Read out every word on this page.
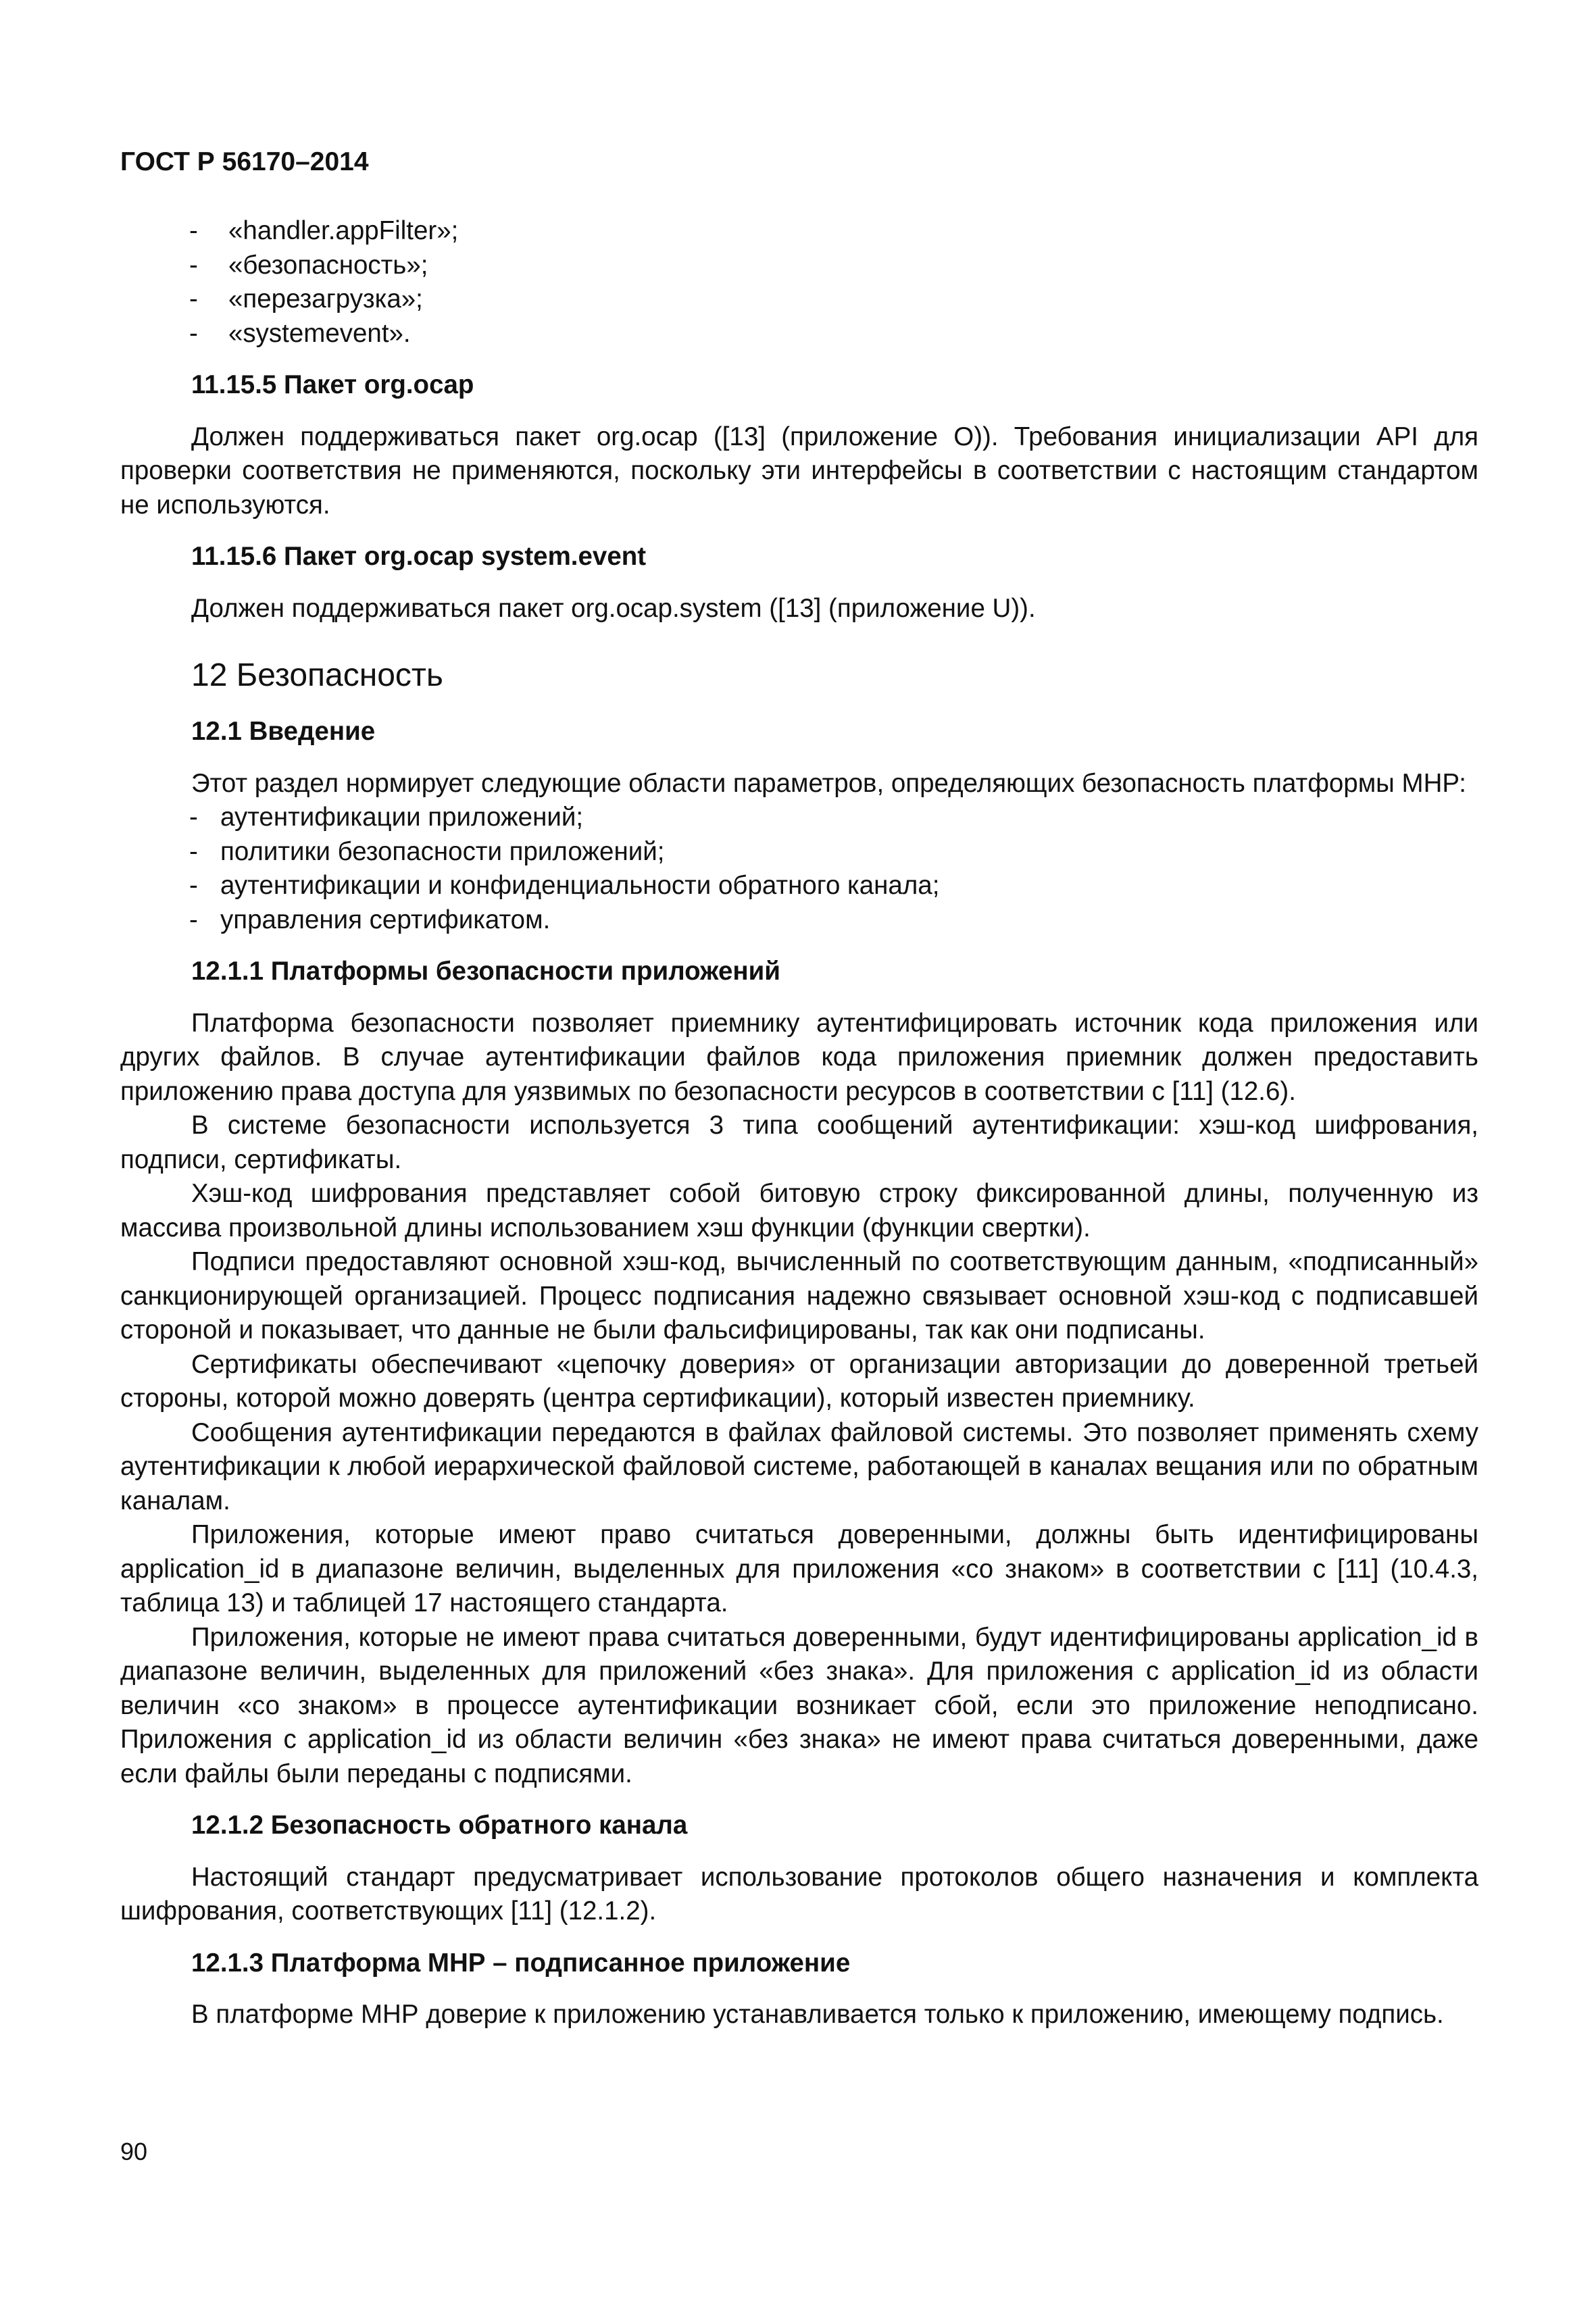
ГОСТ Р 56170–2014
- «handler.appFilter»;
- «безопасность»;
- «перезагрузка»;
- «systemevent».
11.15.5 Пакет org.ocap

Должен поддерживаться пакет org.ocap ([13] (приложение O)). Требования инициализации API для проверки соответствия не применяются, поскольку эти интерфейсы в соответствии с настоящим стандартом не используются.

11.15.6 Пакет org.ocap system.event

Должен поддерживаться пакет org.ocap.system ([13] (приложение U)).

12 Безопасность
12.1 Введение

Этот раздел нормирует следующие области параметров, определяющих безопасность платформы МНР:

- аутентификации приложений;
- политики безопасности приложений;
- аутентификации и конфиденциальности обратного канала;
- управления сертификатом.
12.1.1 Платформы безопасности приложений

Платформа безопасности позволяет приемнику аутентифицировать источник кода приложения или других файлов. В случае аутентификации файлов кода приложения приемник должен предоставить приложению права доступа для уязвимых по безопасности ресурсов в соответствии с [11] (12.6).

В системе безопасности используется 3 типа сообщений аутентификации: хэш-код шифрования, подписи, сертификаты.

Хэш-код шифрования представляет собой битовую строку фиксированной длины, полученную из массива произвольной длины использованием хэш функции (функции свертки).

Подписи предоставляют основной хэш-код, вычисленный по соответствующим данным, «подписанный» санкционирующей организацией. Процесс подписания надежно связывает основной хэш-код с подписавшей стороной и показывает, что данные не были фальсифицированы, так как они подписаны.

Сертификаты обеспечивают «цепочку доверия» от организации авторизации до доверенной третьей стороны, которой можно доверять (центра сертификации), который известен приемнику.

Сообщения аутентификации передаются в файлах файловой системы. Это позволяет применять схему аутентификации к любой иерархической файловой системе, работающей в каналах вещания или по обратным каналам.

Приложения, которые имеют право считаться доверенными, должны быть идентифицированы application_id в диапазоне величин, выделенных для приложения «со знаком» в соответствии с [11] (10.4.3, таблица 13) и таблицей 17 настоящего стандарта.

Приложения, которые не имеют права считаться доверенными, будут идентифицированы application_id в диапазоне величин, выделенных для приложений «без знака». Для приложения с application_id из области величин «со знаком» в процессе аутентификации возникает сбой, если это приложение неподписано. Приложения с application_id из области величин «без знака» не имеют права считаться доверенными, даже если файлы были переданы с подписями.

12.1.2 Безопасность обратного канала

Настоящий стандарт предусматривает использование протоколов общего назначения и комплекта шифрования, соответствующих [11] (12.1.2).

12.1.3 Платформа МНР – подписанное приложение

В платформе МНР доверие к приложению устанавливается только к приложению, имеющему подпись.

90
